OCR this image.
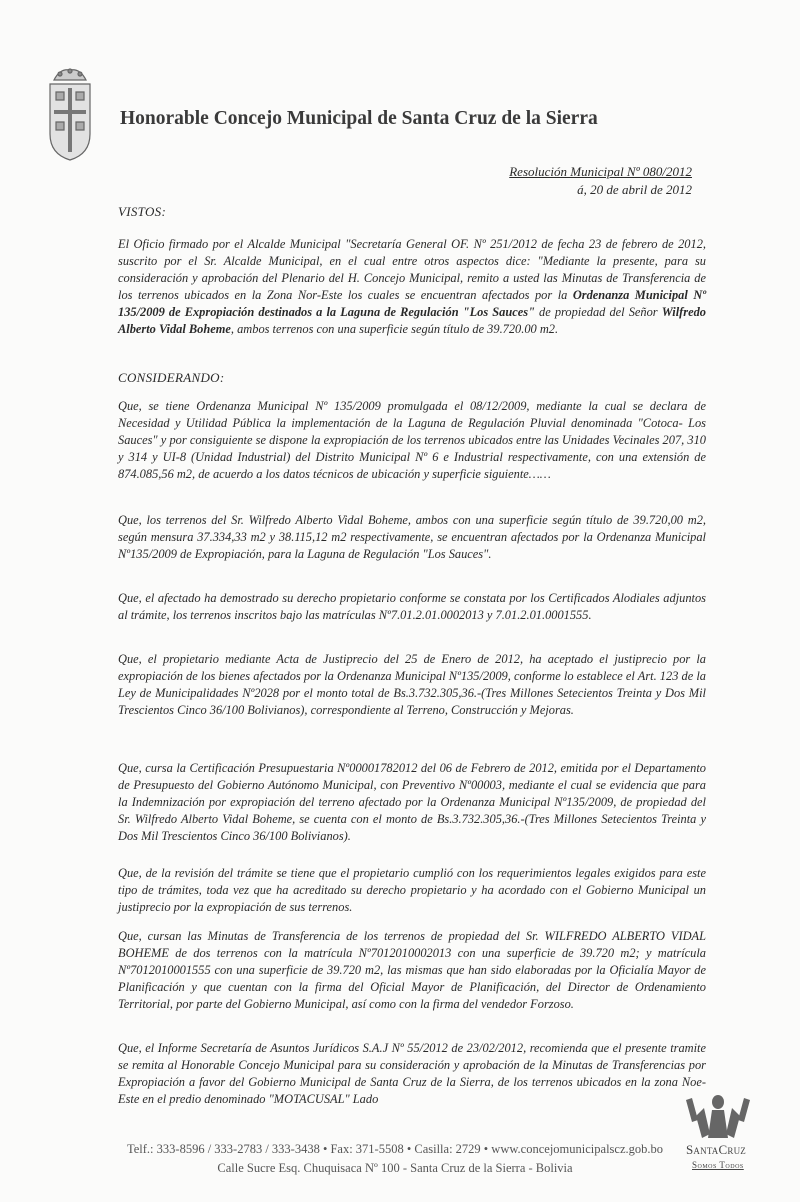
Honorable Concejo Municipal de Santa Cruz de la Sierra
Resolución Municipal Nº 080/2012
á, 20 de abril de 2012
VISTOS:
El Oficio firmado por el Alcalde Municipal "Secretaría General OF. Nº 251/2012 de fecha 23 de febrero de 2012, suscrito por el Sr. Alcalde Municipal, en el cual entre otros aspectos dice: "Mediante la presente, para su consideración y aprobación del Plenario del H. Concejo Municipal, remito a usted las Minutas de Transferencia de los terrenos ubicados en la Zona Nor-Este los cuales se encuentran afectados por la Ordenanza Municipal Nº 135/2009 de Expropiación destinados a la Laguna de Regulación "Los Sauces" de propiedad del Señor Wilfredo Alberto Vidal Boheme, ambos terrenos con una superficie según título de 39.720.00 m2.
CONSIDERANDO:
Que, se tiene Ordenanza Municipal Nº 135/2009 promulgada el 08/12/2009, mediante la cual se declara de Necesidad y Utilidad Pública la implementación de la Laguna de Regulación Pluvial denominada "Cotoca- Los Sauces" y por consiguiente se dispone la expropiación de los terrenos ubicados entre las Unidades Vecinales 207, 310 y 314 y UI-8 (Unidad Industrial) del Distrito Municipal Nº 6 e Industrial respectivamente, con una extensión de 874.085,56 m2, de acuerdo a los datos técnicos de ubicación y superficie siguiente……
Que, los terrenos del Sr. Wilfredo Alberto Vidal Boheme, ambos con una superficie según título de 39.720,00 m2, según mensura 37.334,33 m2 y 38.115,12 m2 respectivamente, se encuentran afectados por la Ordenanza Municipal Nº135/2009 de Expropiación, para la Laguna de Regulación "Los Sauces".
Que, el afectado ha demostrado su derecho propietario conforme se constata por los Certificados Alodiales adjuntos al trámite, los terrenos inscritos bajo las matrículas Nº7.01.2.01.0002013 y 7.01.2.01.0001555.
Que, el propietario mediante Acta de Justiprecio del 25 de Enero de 2012, ha aceptado el justiprecio por la expropiación de los bienes afectados por la Ordenanza Municipal Nº135/2009, conforme lo establece el Art. 123 de la Ley de Municipalidades Nº2028 por el monto total de Bs.3.732.305,36.-(Tres Millones Setecientos Treinta y Dos Mil Trescientos Cinco 36/100 Bolivianos), correspondiente al Terreno, Construcción y Mejoras.
Que, cursa la Certificación Presupuestaria Nº00001782012 del 06 de Febrero de 2012, emitida por el Departamento de Presupuesto del Gobierno Autónomo Municipal, con Preventivo Nº00003, mediante el cual se evidencia que para la Indemnización por expropiación del terreno afectado por la Ordenanza Municipal Nº135/2009, de propiedad del Sr. Wilfredo Alberto Vidal Boheme, se cuenta con el monto de Bs.3.732.305,36.-(Tres Millones Setecientos Treinta y Dos Mil Trescientos Cinco 36/100 Bolivianos).
Que, de la revisión del trámite se tiene que el propietario cumplió con los requerimientos legales exigidos para este tipo de trámites, toda vez que ha acreditado su derecho propietario y ha acordado con el Gobierno Municipal un justiprecio por la expropiación de sus terrenos.
Que, cursan las Minutas de Transferencia de los terrenos de propiedad del Sr. WILFREDO ALBERTO VIDAL BOHEME de dos terrenos con la matrícula Nº7012010002013 con una superficie de 39.720 m2; y matrícula Nº7012010001555 con una superficie de 39.720 m2, las mismas que han sido elaboradas por la Oficialía Mayor de Planificación y que cuentan con la firma del Oficial Mayor de Planificación, del Director de Ordenamiento Territorial, por parte del Gobierno Municipal, así como con la firma del vendedor Forzoso.
Que, el Informe Secretaría de Asuntos Jurídicos S.A.J Nº 55/2012 de 23/02/2012, recomienda que el presente tramite se remita al Honorable Concejo Municipal para su consideración y aprobación de la Minutas de Transferencias por Expropiación a favor del Gobierno Municipal de Santa Cruz de la Sierra, de los terrenos ubicados en la zona Noe-Este en el predio denominado "MOTACUSAL" Lado
Telf.: 333-8596 / 333-2783 / 333-3438 • Fax: 371-5508 • Casilla: 2729 • www.concejomunicipalscz.gob.bo
Calle Sucre Esq. Chuquisaca Nº 100 - Santa Cruz de la Sierra - Bolivia
SantaCruz
Somos Todos
